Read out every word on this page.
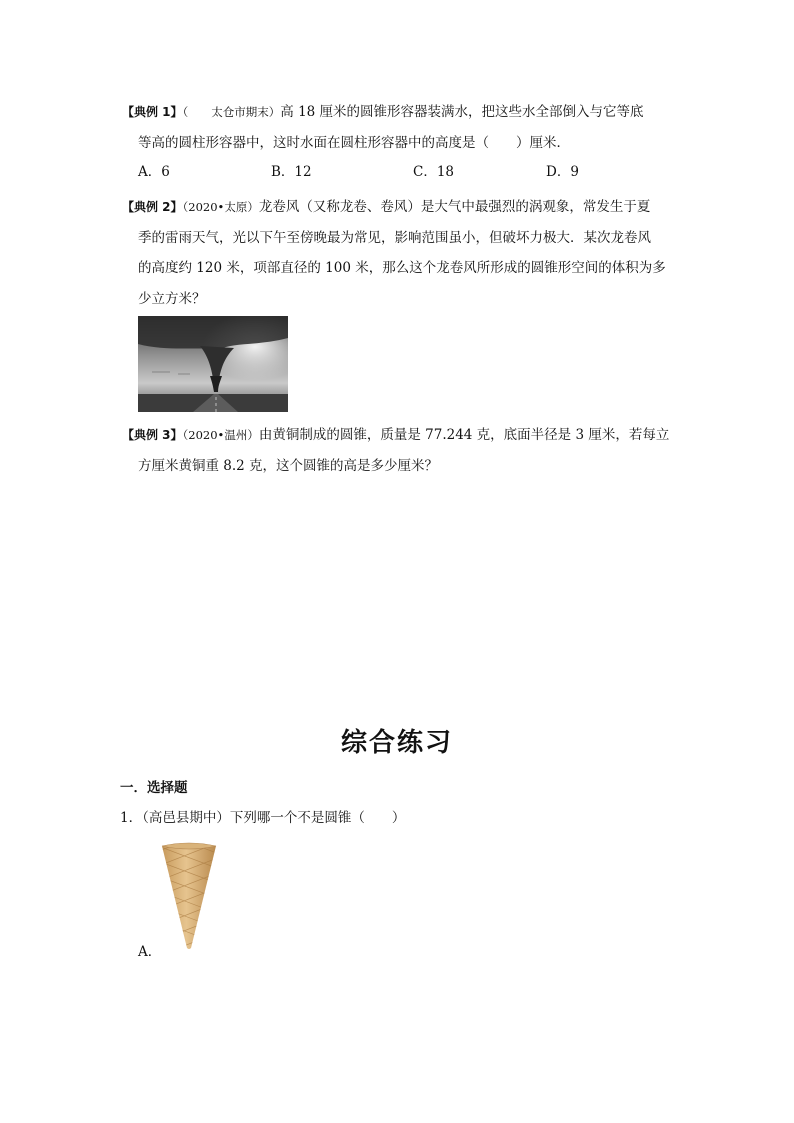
【典例 1】（　　太仓市期末）高 18 厘米的圆锥形容器装满水，把这些水全部倒入与它等底
等高的圆柱形容器中，这时水面在圆柱形容器中的高度是（　　）厘米．
A．6	B．12	C．18	D．9
【典例 2】（2020•太原）龙卷风（又称龙卷、卷风）是大气中最强烈的涡观象，常发生于夏
季的雷雨天气，光以下午至傍晚最为常见，影响范围虽小，但破坏力极大．某次龙卷风
的高度约 120 米，项部直径的 100 米，那么这个龙卷风所形成的圆锥形空间的体积为多
少立方米？
【典例 3】（2020•温州）由黄铜制成的圆锥，质量是 77.244 克，底面半径是 3 厘米，若每立
方厘米黄铜重 8.2 克，这个圆锥的高是多少厘米？
综合练习
一．选择题
1．（高邑县期中）下列哪一个不是圆锥（　　）
A．
